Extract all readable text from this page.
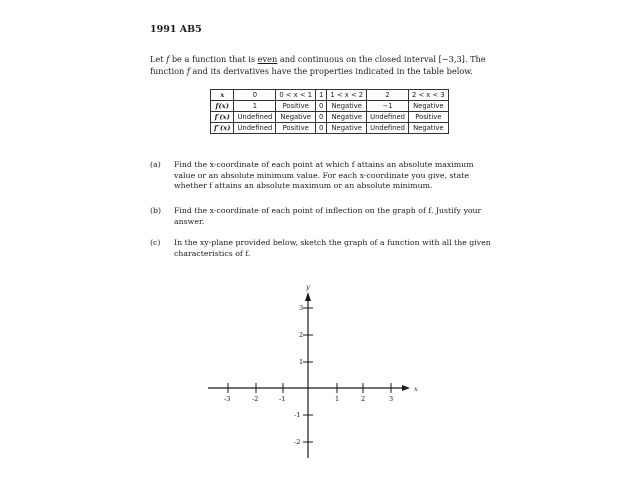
1991 AB5
Let f be a function that is even and continuous on the closed interval [−3,3]. The function f and its derivatives have the properties indicated in the table below.
x	0	0 < x < 1	1	1 < x < 2	2	2 < x < 3
f(x)	1	Positive	0	Negative	−1	Negative
f′(x)	Undefined	Negative	0	Negative	Undefined	Positive
f″(x)	Undefined	Positive	0	Negative	Undefined	Negative
(a) Find the x-coordinate of each point at which f attains an absolute maximum value or an absolute minimum value. For each x-coordinate you give, state whether f attains an absolute maximum or an absolute minimum.
(b) Find the x-coordinate of each point of inflection on the graph of f. Justify your answer.
(c) In the xy-plane provided below, sketch the graph of a function with all the given characteristics of f.
x
y
-3	-2	-1	1	2	3
3
2
1
-1
-2
